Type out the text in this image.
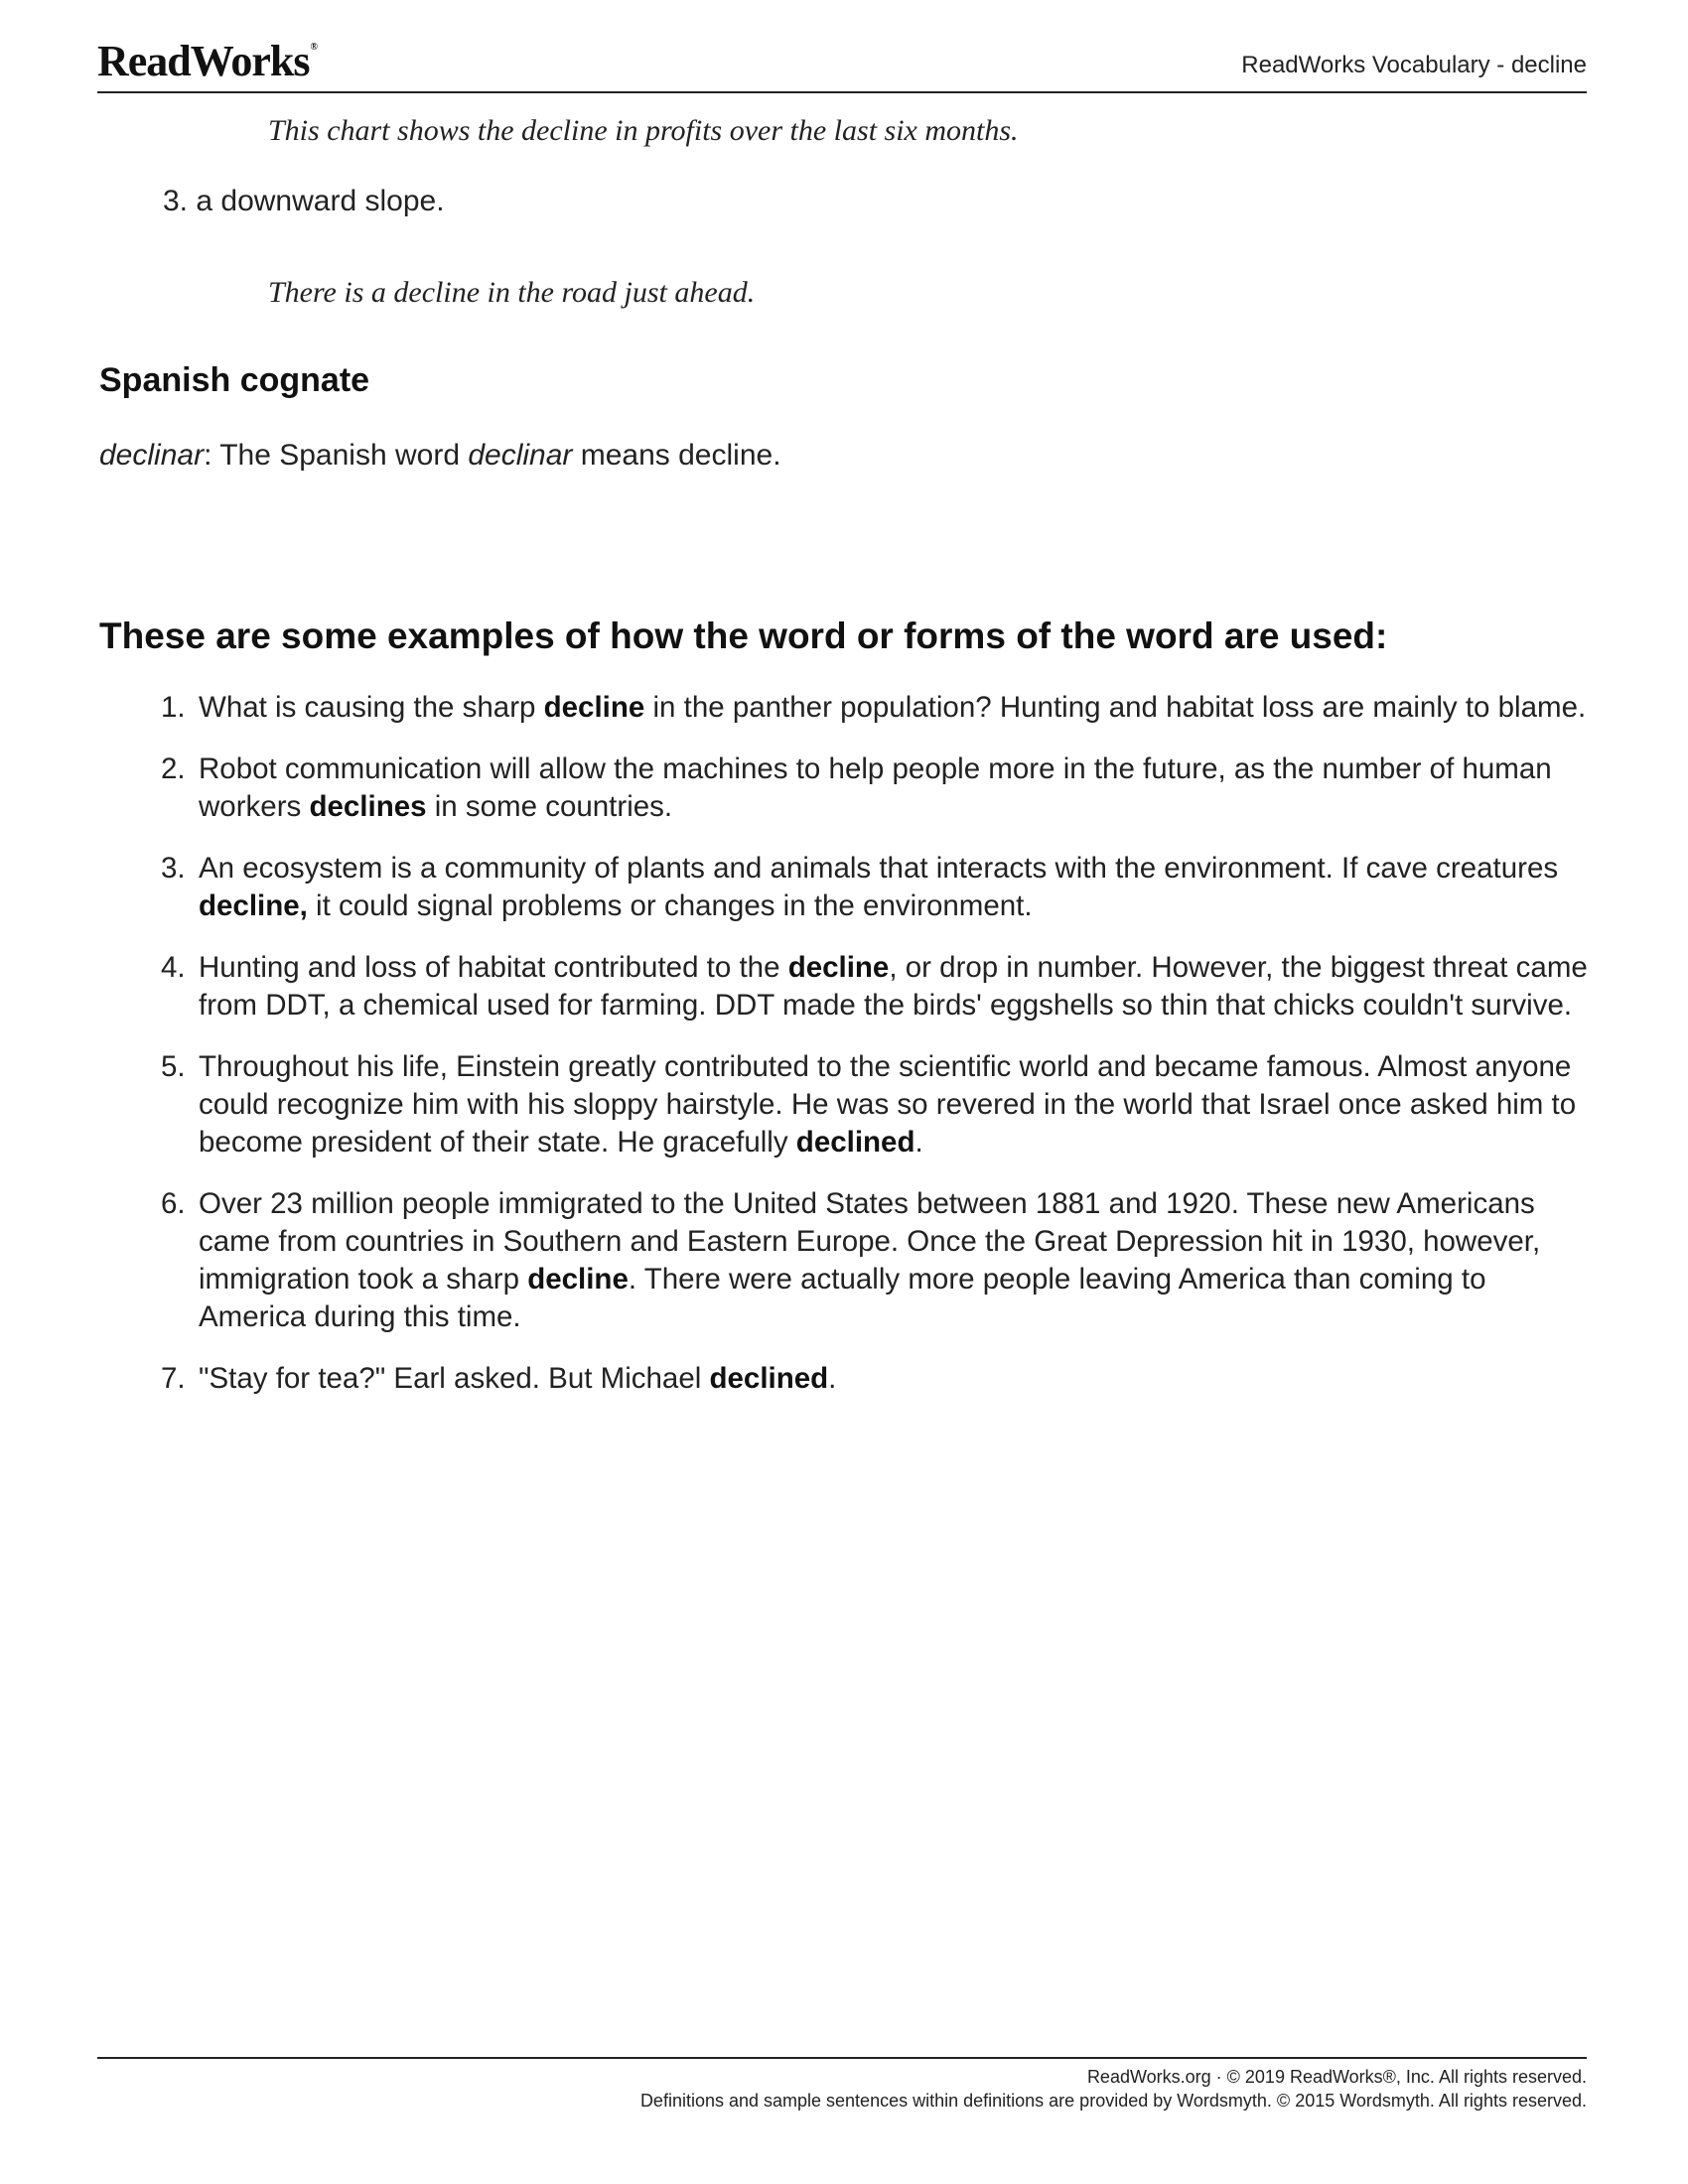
ReadWorks®
ReadWorks Vocabulary - decline
This chart shows the decline in profits over the last six months.
3. a downward slope.
There is a decline in the road just ahead.
Spanish cognate
declinar: The Spanish word declinar means decline.
These are some examples of how the word or forms of the word are used:
1. What is causing the sharp decline in the panther population? Hunting and habitat loss are mainly to blame.
2. Robot communication will allow the machines to help people more in the future, as the number of human workers declines in some countries.
3. An ecosystem is a community of plants and animals that interacts with the environment. If cave creatures decline, it could signal problems or changes in the environment.
4. Hunting and loss of habitat contributed to the decline, or drop in number. However, the biggest threat came from DDT, a chemical used for farming. DDT made the birds' eggshells so thin that chicks couldn't survive.
5. Throughout his life, Einstein greatly contributed to the scientific world and became famous. Almost anyone could recognize him with his sloppy hairstyle. He was so revered in the world that Israel once asked him to become president of their state. He gracefully declined.
6. Over 23 million people immigrated to the United States between 1881 and 1920. These new Americans came from countries in Southern and Eastern Europe. Once the Great Depression hit in 1930, however, immigration took a sharp decline. There were actually more people leaving America than coming to America during this time.
7. "Stay for tea?" Earl asked. But Michael declined.
ReadWorks.org · © 2019 ReadWorks®, Inc. All rights reserved.
Definitions and sample sentences within definitions are provided by Wordsmyth. © 2015 Wordsmyth. All rights reserved.
